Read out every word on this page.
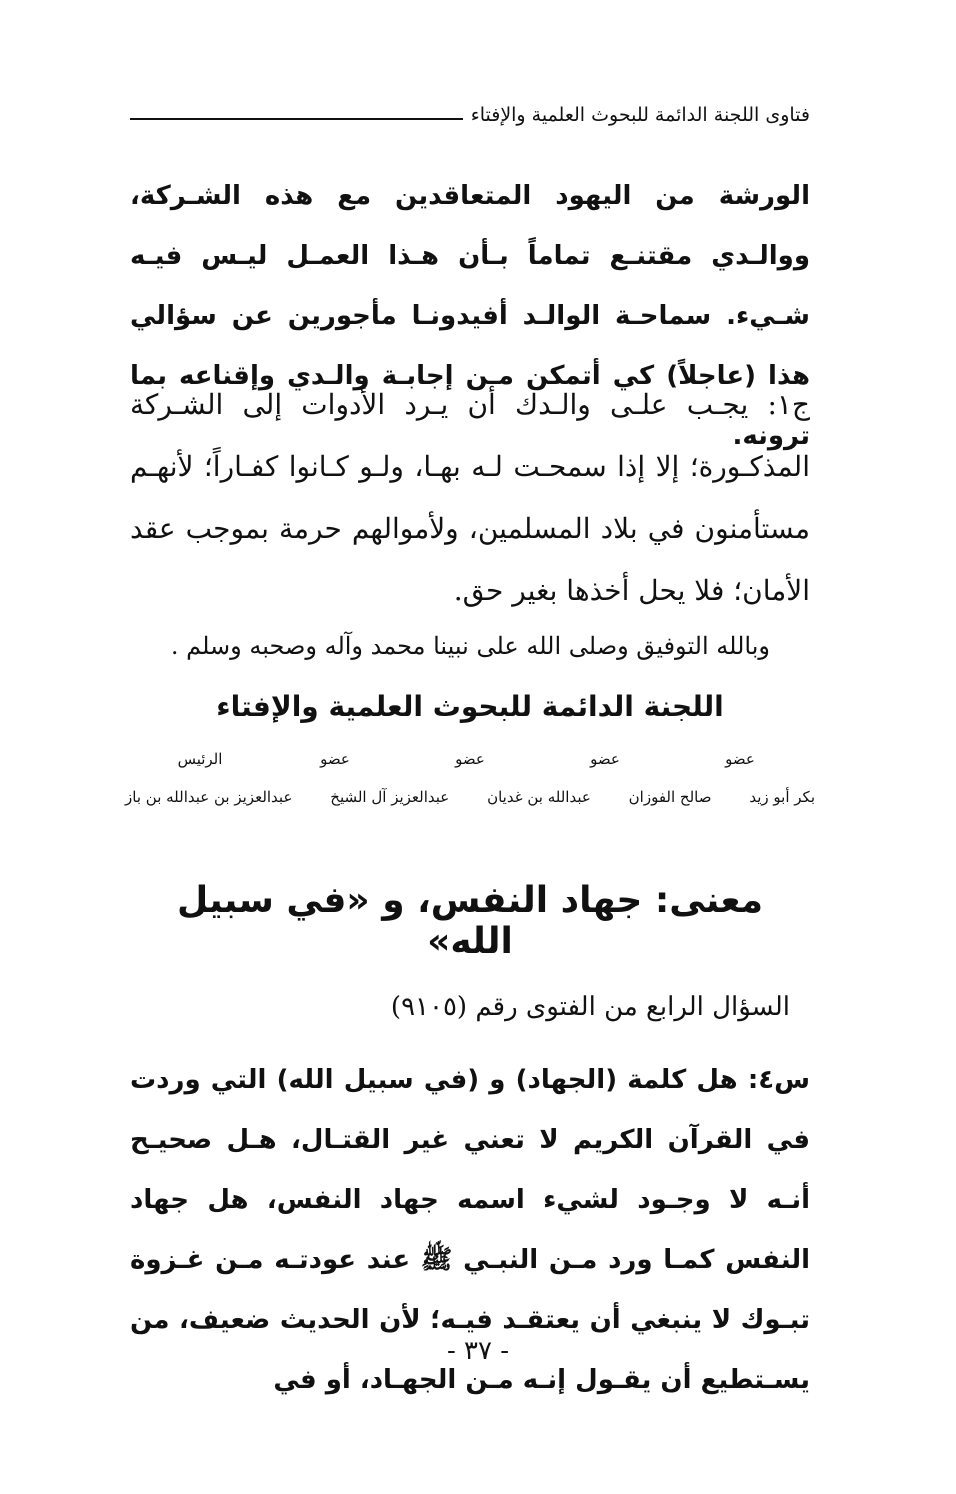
فتاوى اللجنة الدائمة للبحوث العلمية والإفتاء

الورشة من اليهود المتعاقدين مع هذه الشـركة، ووالـدي مقتنـع تماماً بـأن هـذا العمـل ليـس فيـه شـيء. سماحـة الوالـد أفيدونـا مأجورين عن سؤالي هذا (عاجلاً) كي أتمكن مـن إجابـة والـدي وإقناعه بما ترونه.

ج١: يجـب علـى والـدك أن يـرد الأدوات إلى الشـركة المذكـورة؛ إلا إذا سمحـت لـه بهـا، ولـو كـانوا كفـاراً؛ لأنهـم مستأمنون في بلاد المسلمين، ولأموالهم حرمة بموجب عقد الأمان؛ فلا يحل أخذها بغير حق.

وبالله التوفيق وصلى الله على نبينا محمد وآله وصحبه وسلم .
اللجنة الدائمة للبحوث العلمية والإفتاء
عضو
عضو
عضو
عضو
الرئيس
بكر أبو زيد
صالح الفوزان
عبدالله بن غديان
عبدالعزيز آل الشيخ
عبدالعزيز بن عبدالله بن باز
معنى: جهاد النفس، و «في سبيل الله»
السؤال الرابع من الفتوى رقم (٩١٠٥)

س٤: هل كلمة (الجهاد) و (في سبيل الله) التي وردت في القرآن الكريم لا تعني غير القتـال، هـل صحيـح أنـه لا وجـود لشيء اسمه جهاد النفس، هل جهاد النفس كمـا ورد مـن النبـي ﷺ عند عودتـه مـن غـزوة تبـوك لا ينبغي أن يعتقـد فيـه؛ لأن الحديث ضعيف، من يسـتطيع أن يقـول إنـه مـن الجهـاد، أو في

- ٣٧ -
